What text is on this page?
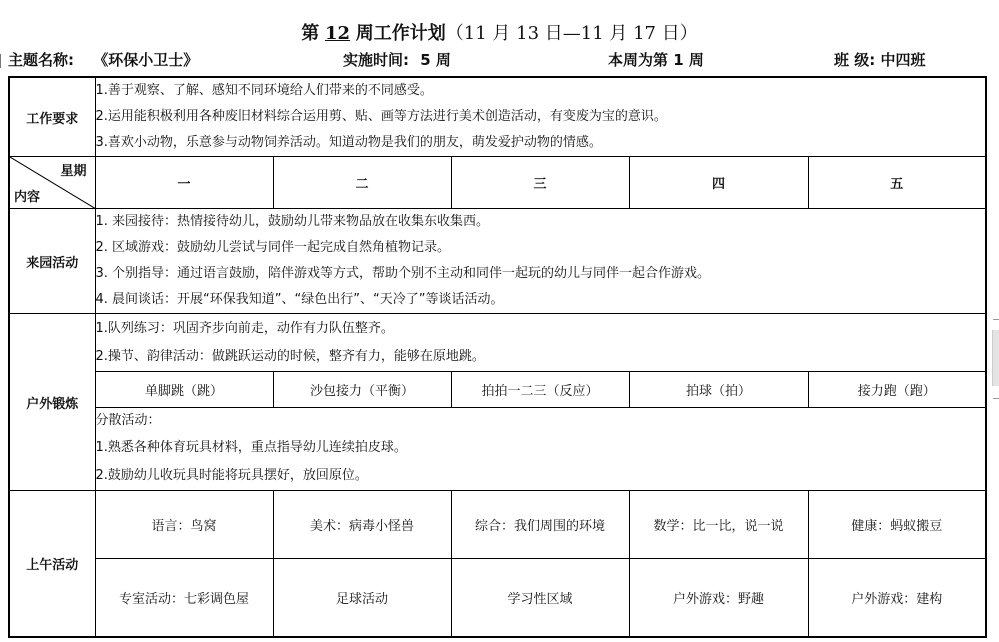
第 12 周工作计划（11 月 13 日—11 月 17 日）
主题名称: 《环保小卫士》	实施时间: 5 周	本周为第 1 周	班 级: 中四班
工作要求	1.善于观察、了解、感知不同环境给人们带来的不同感受。
2.运用能积极利用各种废旧材料综合运用剪、贴、画等方法进行美术创造活动，有变废为宝的意识。
3.喜欢小动物，乐意参与动物饲养活动。知道动物是我们的朋友，萌发爱护动物的情感。				

星期
内容	一	二	三	四	五
来园活动	1. 来园接待：热情接待幼儿，鼓励幼儿带来物品放在收集东收集西。
2. 区域游戏：鼓励幼儿尝试与同伴一起完成自然角植物记录。
3. 个别指导：通过语言鼓励，陪伴游戏等方式，帮助个别不主动和同伴一起玩的幼儿与同伴一起合作游戏。
4. 晨间谈话：开展“环保我知道”、“绿色出行”、“天冷了”等谈话活动。				

户外锻炼	1.队列练习：巩固齐步向前走，动作有力队伍整齐。
2.操节、韵律活动：做跳跃运动的时候，整齐有力，能够在原地跳。				

	单脚跳（跳）	沙包接力（平衡）	拍拍一二三（反应）	拍球（拍）	接力跑（跑）

	分散活动：
1.熟悉各种体育玩具材料，重点指导幼儿连续拍皮球。
2.鼓励幼儿收玩具时能将玩具摆好，放回原位。				

上午活动	语言：鸟窝	美术：病毒小怪兽	综合：我们周围的环境	数学：比一比，说一说	健康：蚂蚁搬豆
	专室活动：七彩调色屋	足球活动	学习性区域	户外游戏：野趣	户外游戏：建构
